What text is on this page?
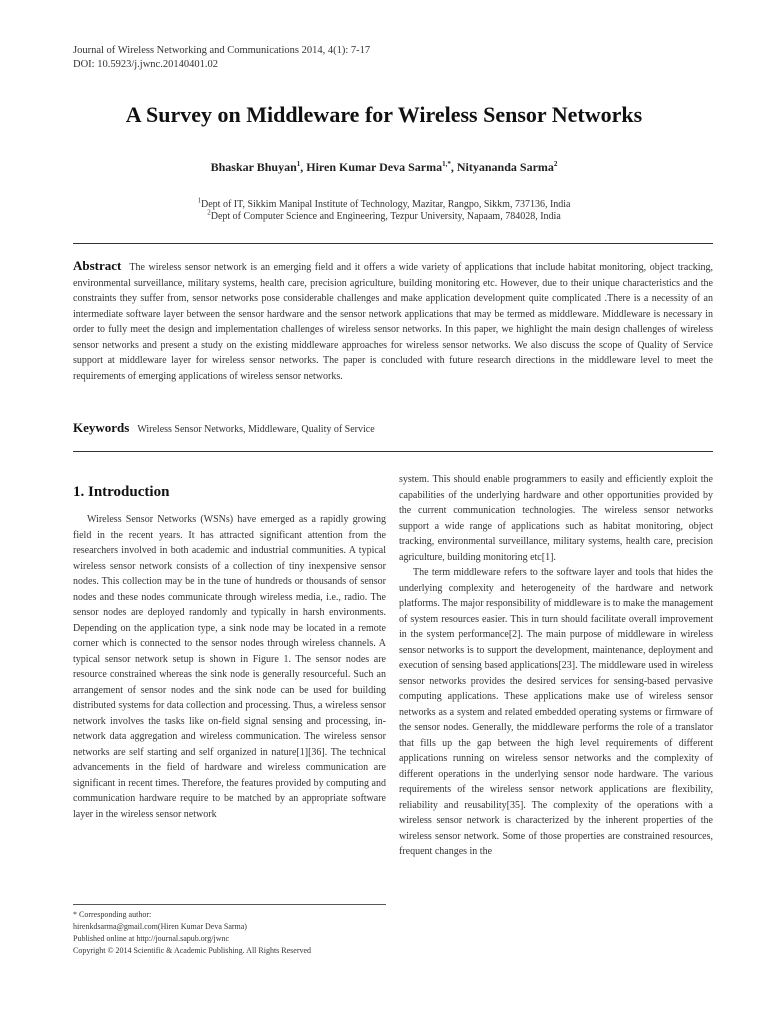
Journal of Wireless Networking and Communications 2014, 4(1): 7-17
DOI: 10.5923/j.jwnc.20140401.02
A Survey on Middleware for Wireless Sensor Networks
Bhaskar Bhuyan$^1$, Hiren Kumar Deva Sarma$^{1,*}$, Nityananda Sarma$^2$
$^1$Dept of IT, Sikkim Manipal Institute of Technology, Mazitar, Rangpo, Sikkm, 737136, India
$^2$Dept of Computer Science and Engineering, Tezpur University, Napaam, 784028, India
Abstract The wireless sensor network is an emerging field and it offers a wide variety of applications that include habitat monitoring, object tracking, environmental surveillance, military systems, health care, precision agriculture, building monitoring etc. However, due to their unique characteristics and the constraints they suffer from, sensor networks pose considerable challenges and make application development quite complicated .There is a necessity of an intermediate software layer between the sensor hardware and the sensor network applications that may be termed as middleware. Middleware is necessary in order to fully meet the design and implementation challenges of wireless sensor networks. In this paper, we highlight the main design challenges of wireless sensor networks and present a study on the existing middleware approaches for wireless sensor networks. We also discuss the scope of Quality of Service support at middleware layer for wireless sensor networks. The paper is concluded with future research directions in the middleware level to meet the requirements of emerging applications of wireless sensor networks.
Keywords Wireless Sensor Networks, Middleware, Quality of Service
1. Introduction

Wireless Sensor Networks (WSNs) have emerged as a rapidly growing field in the recent years. It has attracted significant attention from the researchers involved in both academic and industrial communities. A typical wireless sensor network consists of a collection of tiny inexpensive sensor nodes. This collection may be in the tune of hundreds or thousands of sensor nodes and these nodes communicate through wireless media, i.e., radio. The sensor nodes are deployed randomly and typically in harsh environments. Depending on the application type, a sink node may be located in a remote corner which is connected to the sensor nodes through wireless channels. A typical sensor network setup is shown in Figure 1. The sensor nodes are resource constrained whereas the sink node is generally resourceful. Such an arrangement of sensor nodes and the sink node can be used for building distributed systems for data collection and processing. Thus, a wireless sensor network involves the tasks like on-field signal sensing and processing, in-network data aggregation and wireless communication. The wireless sensor networks are self starting and self organized in nature[1][36]. The technical advancements in the field of hardware and wireless communication are significant in recent times. Therefore, the features provided by computing and communication hardware require to be matched by an appropriate software layer in the wireless sensor network

system. This should enable programmers to easily and efficiently exploit the capabilities of the underlying hardware and other opportunities provided by the current communication technologies. The wireless sensor networks support a wide range of applications such as habitat monitoring, object tracking, environmental surveillance, military systems, health care, precision agriculture, building monitoring etc[1].

The term middleware refers to the software layer and tools that hides the underlying complexity and heterogeneity of the hardware and network platforms. The major responsibility of middleware is to make the management of system resources easier. This in turn should facilitate overall improvement in the system performance[2]. The main purpose of middleware in wireless sensor networks is to support the development, maintenance, deployment and execution of sensing based applications[23]. The middleware used in wireless sensor networks provides the desired services for sensing-based pervasive computing applications. These applications make use of wireless sensor networks as a system and related embedded operating systems or firmware of the sensor nodes. Generally, the middleware performs the role of a translator that fills up the gap between the high level requirements of different applications running on wireless sensor networks and the complexity of different operations in the underlying sensor node hardware. The various requirements of the wireless sensor network applications are flexibility, reliability and reusability[35]. The complexity of the operations with a wireless sensor network is characterized by the inherent properties of the wireless sensor network. Some of those properties are constrained resources, frequent changes in the

* Corresponding author:
hirenkdsarma@gmail.com(Hiren Kumar Deva Sarma)
Published online at http://journal.sapub.org/jwnc
Copyright © 2014 Scientific & Academic Publishing. All Rights Reserved
